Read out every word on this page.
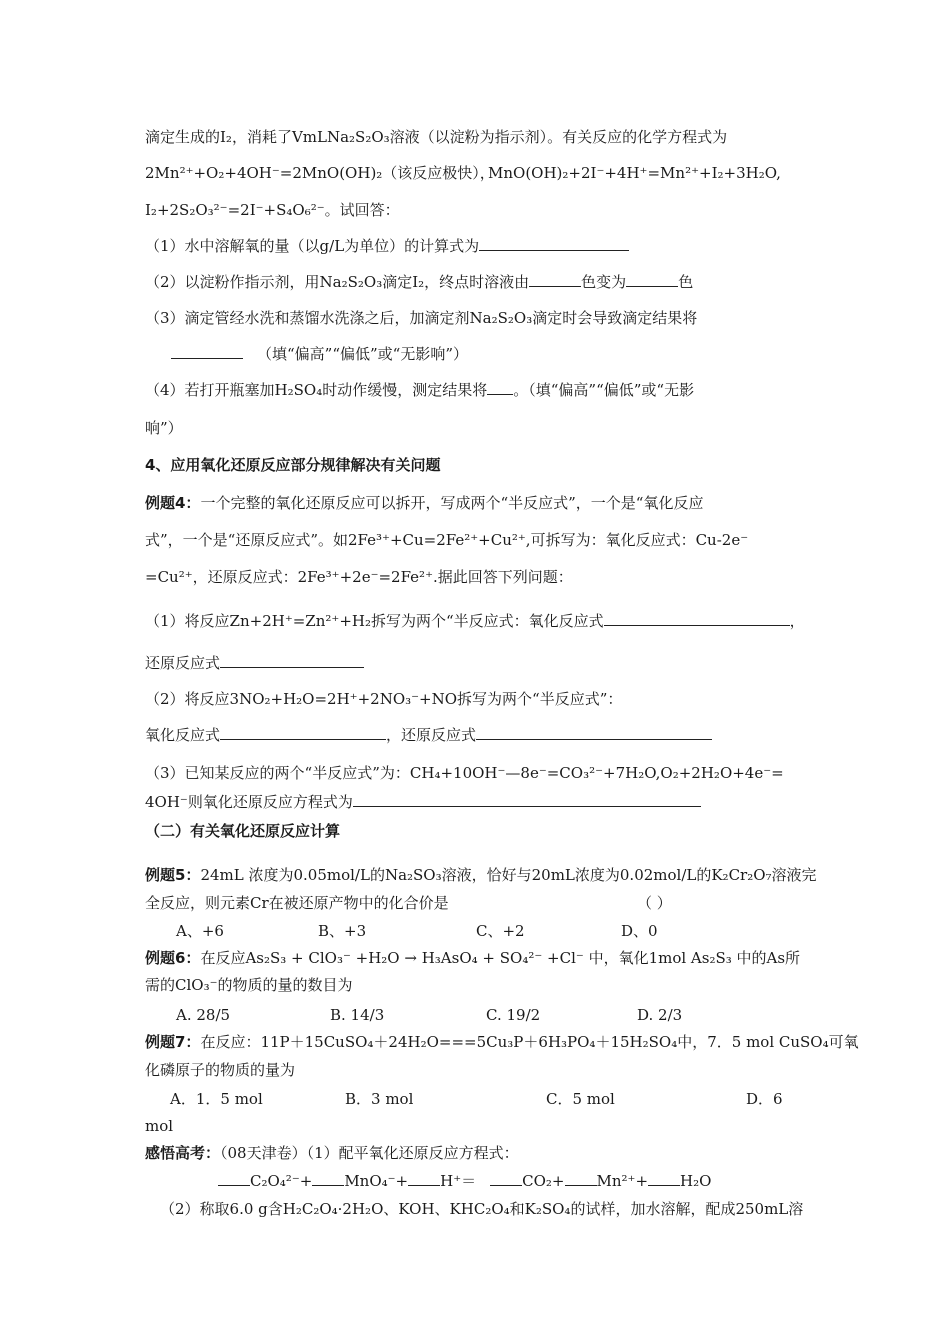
滴定生成的I₂，消耗了VmLNa₂S₂O₃溶液（以淀粉为指示剂）。有关反应的化学方程式为
2Mn²⁺+O₂+4OH⁻=2MnO(OH)₂（该反应极快），
MnO(OH)₂+2I⁻+4H⁺=Mn²⁺+I₂+3H₂O,
I₂+2S₂O₃²⁻=2I⁻+S₄O₆²⁻。试回答：
（1）水中溶解氧的量（以g/L为单位）的计算式为
（2）以淀粉作指示剂，用Na₂S₂O₃滴定I₂，终点时溶液由	色变为	色
（3）滴定管经水洗和蒸馏水洗涤之后，加滴定剂Na₂S₂O₃滴定时会导致滴定结果将
（填“偏高”“偏低”或“无影响”）
（4）若打开瓶塞加H₂SO₄时动作缓慢，测定结果将 。（填“偏高”“偏低”或“无影
响”）
4、应用氧化还原反应部分规律解决有关问题
例题4：一个完整的氧化还原反应可以拆开，写成两个“半反应式”，一个是“氧化反应
式”，一个是“还原反应式”。如2Fe³⁺+Cu=2Fe²⁺+Cu²⁺,可拆写为：氧化反应式：Cu-2e⁻
=Cu²⁺，还原反应式：2Fe³⁺+2e⁻=2Fe²⁺.据此回答下列问题：
（1）将反应Zn+2H⁺=Zn²⁺+H₂拆写为两个“半反应式：氧化反应式	，
还原反应式
（2）将反应3NO₂+H₂O=2H⁺+2NO₃⁻+NO拆写为两个“半反应式”：
氧化反应式	，还原反应式
（3）已知某反应的两个“半反应式”为：CH₄+10OH⁻—8e⁻=CO₃²⁻+7H₂O,O₂+2H₂O+4e⁻=
4OH⁻则氧化还原反应方程式为
（二）有关氧化还原反应计算
例题5：24mL 浓度为0.05mol/L的Na₂SO₃溶液，恰好与20mL浓度为0.02mol/L的K₂Cr₂O₇溶液完
全反应，则元素Cr在被还原产物中的化合价是	（ ）
A、+6	B、+3	C、+2	D、0
例题6：在反应As₂S₃ + ClO₃⁻ +H₂O → H₃AsO₄ + SO₄²⁻ +Cl⁻ 中，氧化1mol As₂S₃ 中的As所
需的ClO₃⁻的物质的量的数目为
A. 28/5	B. 14/3	C. 19/2	D. 2/3
例题7：在反应：11P＋15CuSO₄＋24H₂O===5Cu₃P＋6H₃PO₄＋15H₂SO₄中，7．5 mol CuSO₄可氧
化磷原子的物质的量为
A．1．5 mol	B．3 mol	C．5 mol	D．6
mol
感悟高考：（08天津卷）（1）配平氧化还原反应方程式：
C₂O₄²⁻+ MnO₄⁻+ H⁺＝	CO₂+ Mn²⁺+ H₂O
（2）称取6.0 g含H₂C₂O₄·2H₂O、KOH、KHC₂O₄和K₂SO₄的试样，加水溶解，配成250mL溶
